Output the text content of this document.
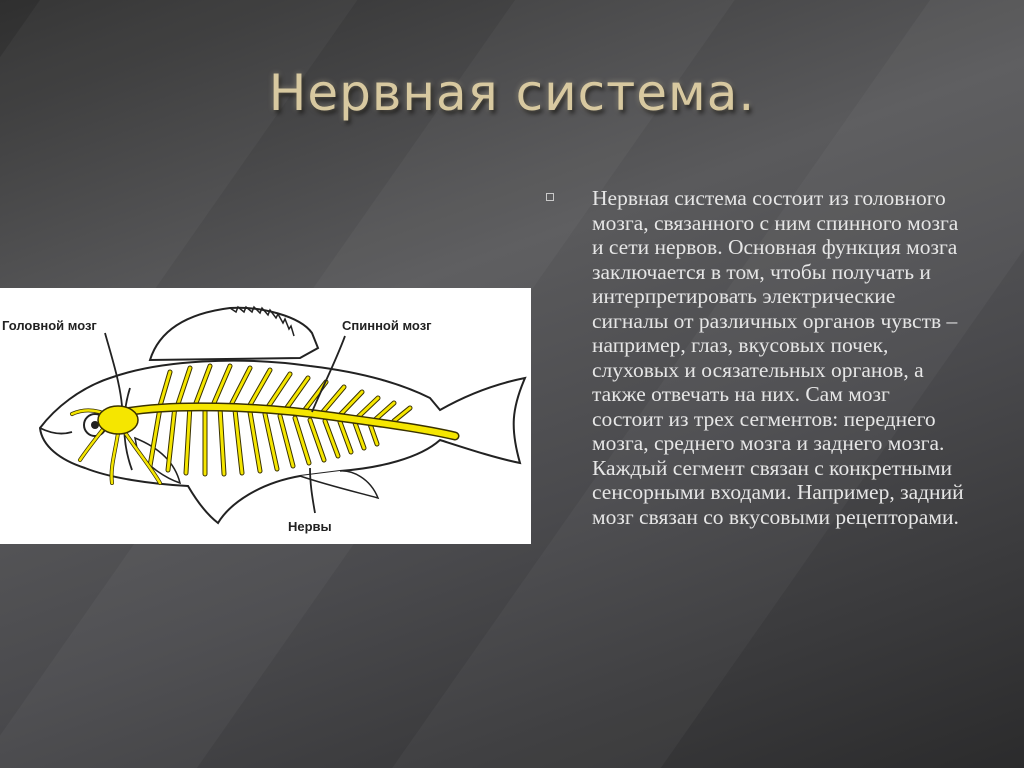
Нервная система.

Нервная система состоит из головного мозга, связанного с ним спинного мозга и сети нервов. Основная функция мозга заключается в том, чтобы получать и интерпретировать электрические сигналы от различных органов чувств – например, глаз, вкусовых почек, слуховых и осязательных органов, а также отвечать на них. Сам мозг состоит из трех сегментов: переднего мозга, среднего мозга и заднего мозга. Каждый сегмент связан с конкретными сенсорными входами. Например, задний мозг связан со вкусовыми рецепторами.

Головной мозг	Спинной мозг
Нервы
